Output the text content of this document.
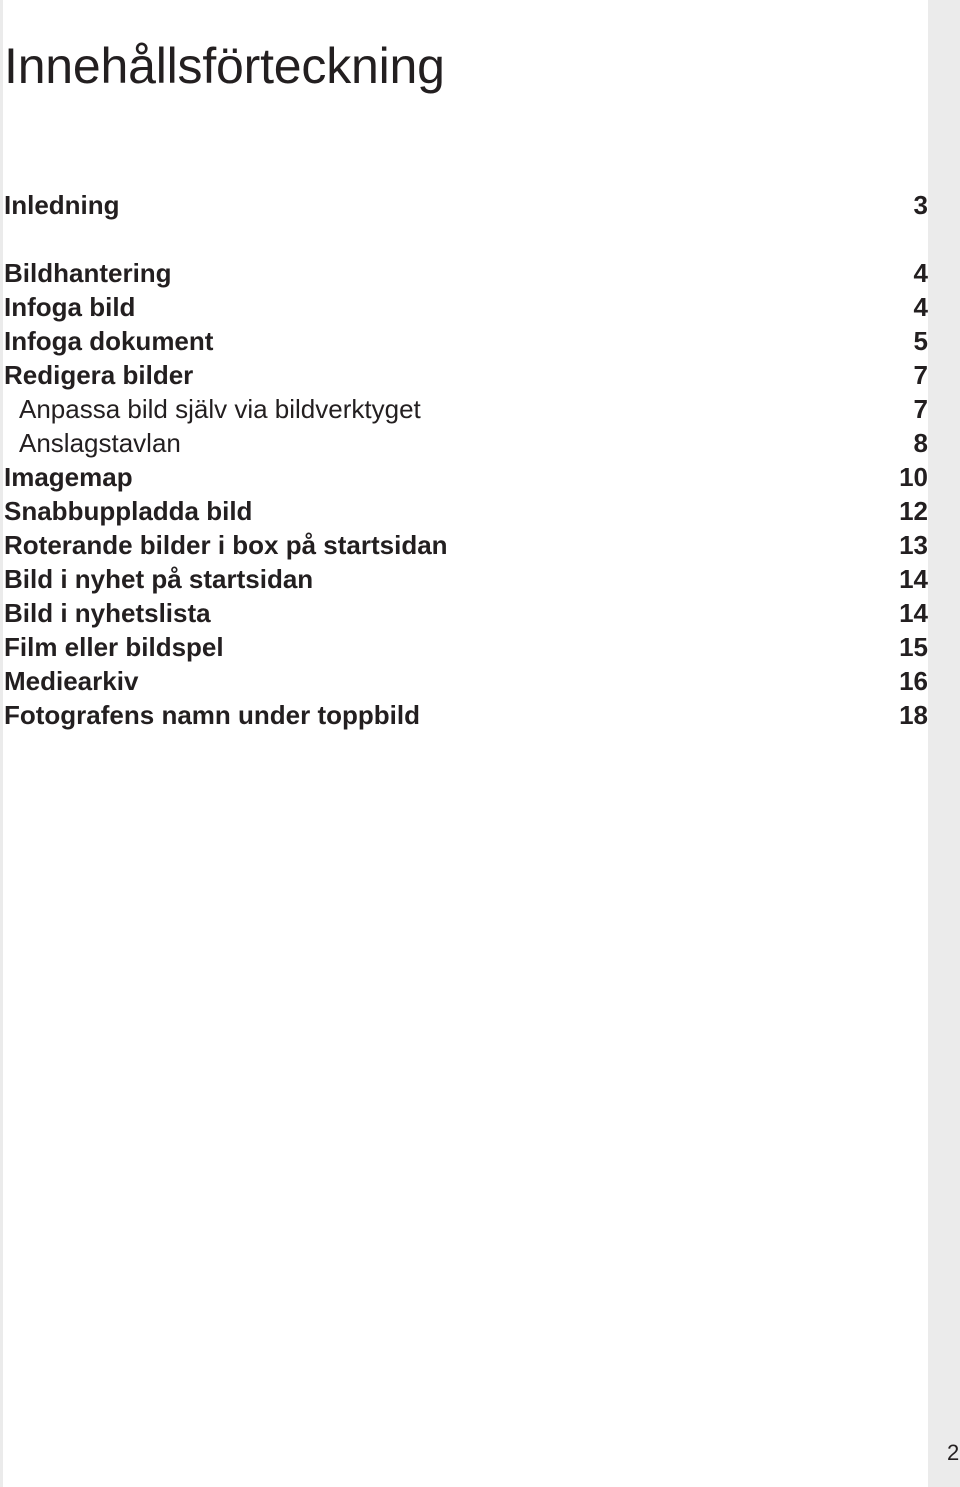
Innehållsförteckning
Inledning	3
Bildhantering	4
Infoga bild	4
Infoga dokument	5
Redigera bilder	7
Anpassa bild själv via bildverktyget	7
Anslagstavlan	8
Imagemap	10
Snabbuppladda bild	12
Roterande bilder i box på startsidan	13
Bild i nyhet på startsidan	14
Bild i nyhetslista	14
Film eller bildspel	15
Mediearkiv	16
Fotografens namn under toppbild	18
2
